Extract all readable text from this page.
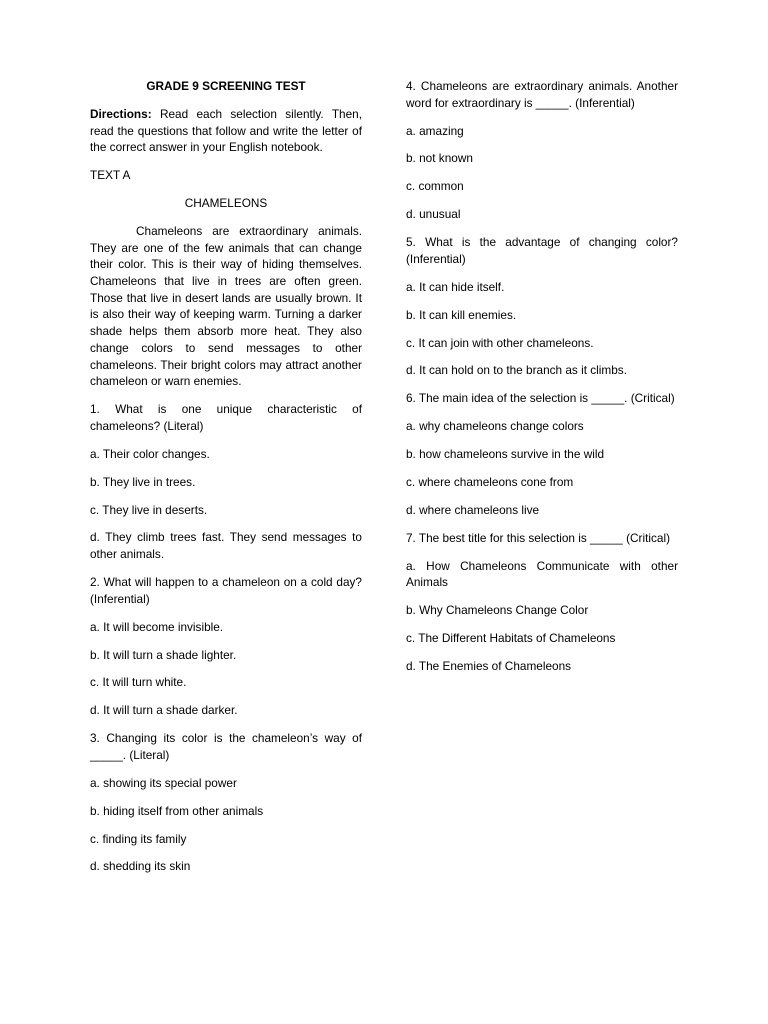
GRADE 9 SCREENING TEST

Directions: Read each selection silently. Then, read the questions that follow and write the letter of the correct answer in your English notebook.

TEXT A

CHAMELEONS

Chameleons are extraordinary animals. They are one of the few animals that can change their color. This is their way of hiding themselves. Chameleons that live in trees are often green. Those that live in desert lands are usually brown. It is also their way of keeping warm. Turning a darker shade helps them absorb more heat. They also change colors to send messages to other chameleons. Their bright colors may attract another chameleon or warn enemies.

1. What is one unique characteristic of chameleons? (Literal)

a. Their color changes.

b. They live in trees.

c. They live in deserts.

d. They climb trees fast. They send messages to other animals.

2. What will happen to a chameleon on a cold day? (Inferential)

a. It will become invisible.

b. It will turn a shade lighter.

c. It will turn white.

d. It will turn a shade darker.

3. Changing its color is the chameleon’s way of _____. (Literal)

a. showing its special power

b. hiding itself from other animals

c. finding its family

d. shedding its skin

4. Chameleons are extraordinary animals. Another word for extraordinary is _____. (Inferential)

a. amazing

b. not known

c. common

d. unusual

5. What is the advantage of changing color? (Inferential)

a. It can hide itself.

b. It can kill enemies.

c. It can join with other chameleons.

d. It can hold on to the branch as it climbs.

6. The main idea of the selection is _____. (Critical)

a. why chameleons change colors

b. how chameleons survive in the wild

c. where chameleons cone from

d. where chameleons live

7. The best title for this selection is _____ (Critical)

a. How Chameleons Communicate with other Animals

b. Why Chameleons Change Color

c. The Different Habitats of Chameleons

d. The Enemies of Chameleons
